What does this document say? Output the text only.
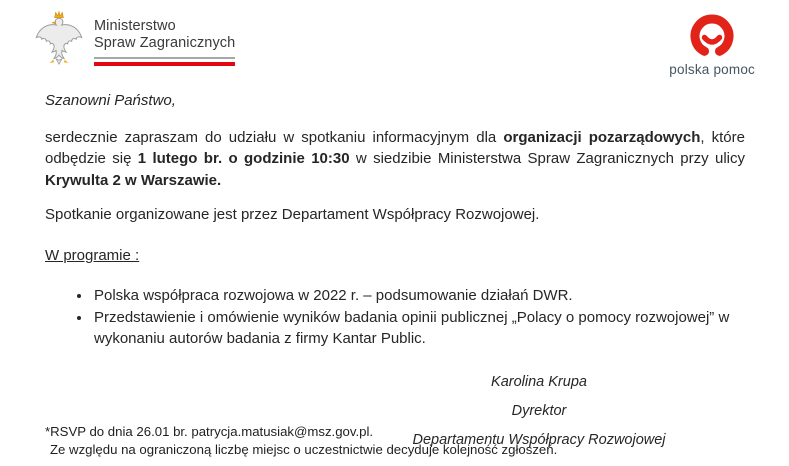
Ministerstwo
Spraw Zagranicznych
polska pomoc

Szanowni Państwo,

serdecznie zapraszam do udziału w spotkaniu informacyjnym dla organizacji pozarządowych, które odbędzie się 1 lutego br. o godzinie 10:30 w siedzibie Ministerstwa Spraw Zagranicznych przy ulicy Krywulta 2 w Warszawie.

Spotkanie organizowane jest przez Departament Współpracy Rozwojowej.

W programie :

• Polska współpraca rozwojowa w 2022 r. – podsumowanie działań DWR.
• Przedstawienie i omówienie wyników badania opinii publicznej „Polacy o pomocy rozwojowej” w wykonaniu autorów badania z firmy Kantar Public.
Karolina Krupa
Dyrektor
Departamentu Współpracy Rozwojowej
*RSVP do dnia 26.01 br. patrycja.matusiak@msz.gov.pl.
Ze względu na ograniczoną liczbę miejsc o uczestnictwie decyduje kolejność zgłoszeń.
